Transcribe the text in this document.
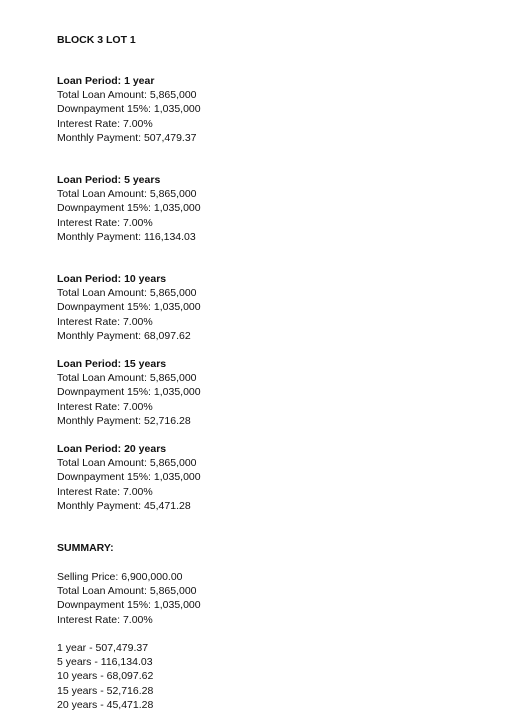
BLOCK 3 LOT 1
Loan Period: 1 year
Total Loan Amount: 5,865,000
Downpayment 15%: 1,035,000
Interest Rate: 7.00%
Monthly Payment: 507,479.37
Loan Period: 5 years
Total Loan Amount: 5,865,000
Downpayment 15%: 1,035,000
Interest Rate: 7.00%
Monthly Payment: 116,134.03
Loan Period: 10 years
Total Loan Amount: 5,865,000
Downpayment 15%: 1,035,000
Interest Rate: 7.00%
Monthly Payment: 68,097.62
Loan Period: 15 years
Total Loan Amount: 5,865,000
Downpayment 15%: 1,035,000
Interest Rate: 7.00%
Monthly Payment: 52,716.28
Loan Period: 20 years
Total Loan Amount: 5,865,000
Downpayment 15%: 1,035,000
Interest Rate: 7.00%
Monthly Payment: 45,471.28
SUMMARY:
Selling Price: 6,900,000.00
Total Loan Amount: 5,865,000
Downpayment 15%: 1,035,000
Interest Rate: 7.00%
1 year - 507,479.37
5 years - 116,134.03
10 years - 68,097.62
15 years - 52,716.28
20 years - 45,471.28
